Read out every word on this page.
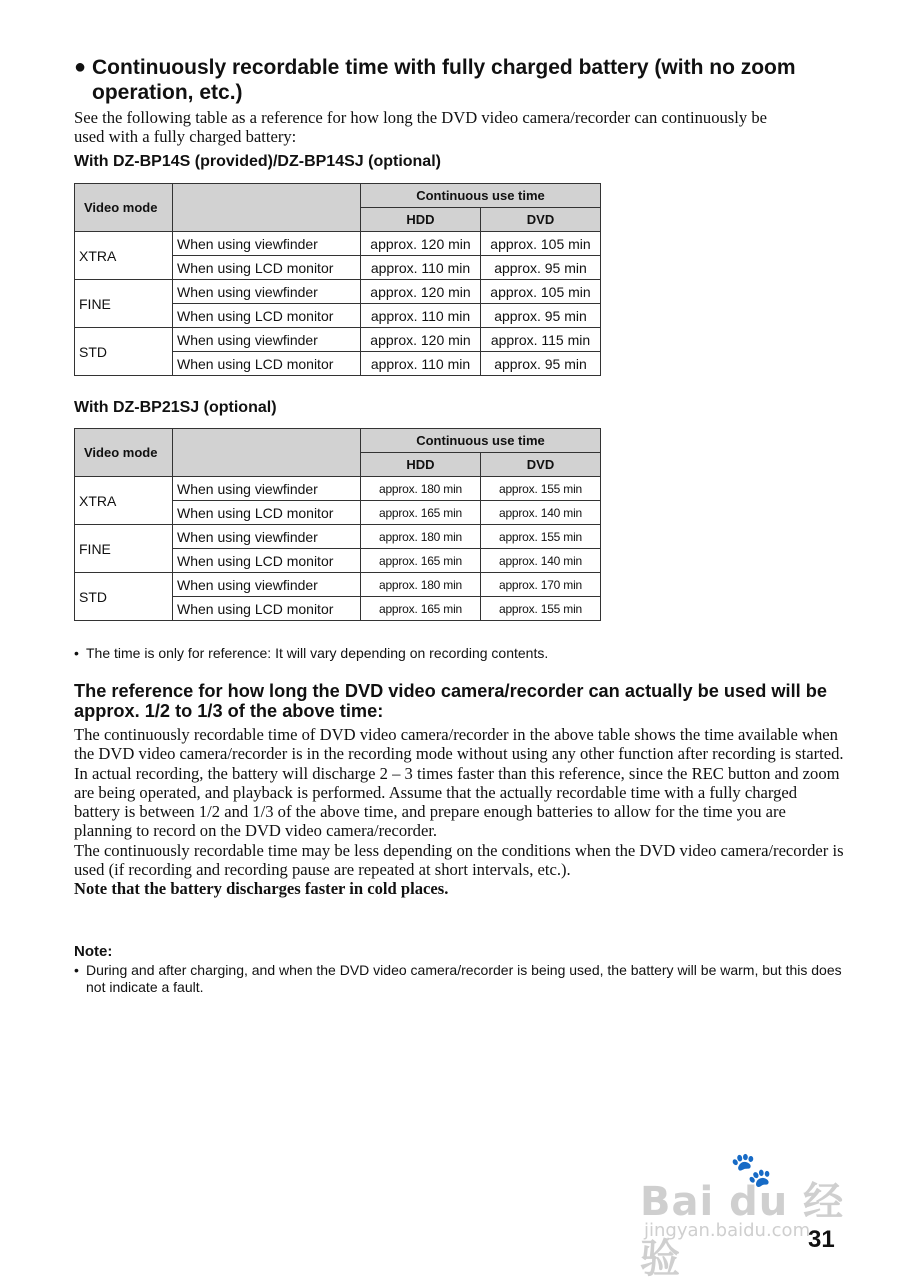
● Continuously recordable time with fully charged battery (with no zoom operation, etc.)
See the following table as a reference for how long the DVD video camera/recorder can continuously be used with a fully charged battery:
With DZ-BP14S (provided)/DZ-BP14SJ (optional)
Video mode		Continuous use time	
		HDD	DVD
XTRA	When using viewfinder	approx. 120 min	approx. 105 min
	When using LCD monitor	approx. 110 min	approx. 95 min
FINE	When using viewfinder	approx. 120 min	approx. 105 min
	When using LCD monitor	approx. 110 min	approx. 95 min
STD	When using viewfinder	approx. 120 min	approx. 115 min
	When using LCD monitor	approx. 110 min	approx. 95 min
With DZ-BP21SJ (optional)
Video mode		Continuous use time	
		HDD	DVD
XTRA	When using viewfinder	approx. 180 min	approx. 155 min
	When using LCD monitor	approx. 165 min	approx. 140 min
FINE	When using viewfinder	approx. 180 min	approx. 155 min
	When using LCD monitor	approx. 165 min	approx. 140 min
STD	When using viewfinder	approx. 180 min	approx. 170 min
	When using LCD monitor	approx. 165 min	approx. 155 min
• The time is only for reference: It will vary depending on recording contents.
The reference for how long the DVD video camera/recorder can actually be used will be approx. 1/2 to 1/3 of the above time:

The continuously recordable time of DVD video camera/recorder in the above table shows the time available when the DVD video camera/recorder is in the recording mode without using any other function after recording is started. In actual recording, the battery will discharge 2 – 3 times faster than this reference, since the REC button and zoom are being operated, and playback is performed. Assume that the actually recordable time with a fully charged battery is between 1/2 and 1/3 of the above time, and prepare enough batteries to allow for the time you are planning to record on the DVD video camera/recorder.

The continuously recordable time may be less depending on the conditions when the DVD video camera/recorder is used (if recording and recording pause are repeated at short intervals, etc.).

Note that the battery discharges faster in cold places.

Note:
• During and after charging, and when the DVD video camera/recorder is being used, the battery will be warm, but this does not indicate a fault.
🐾
Bai du 经验
jingyan.baidu.com
31
